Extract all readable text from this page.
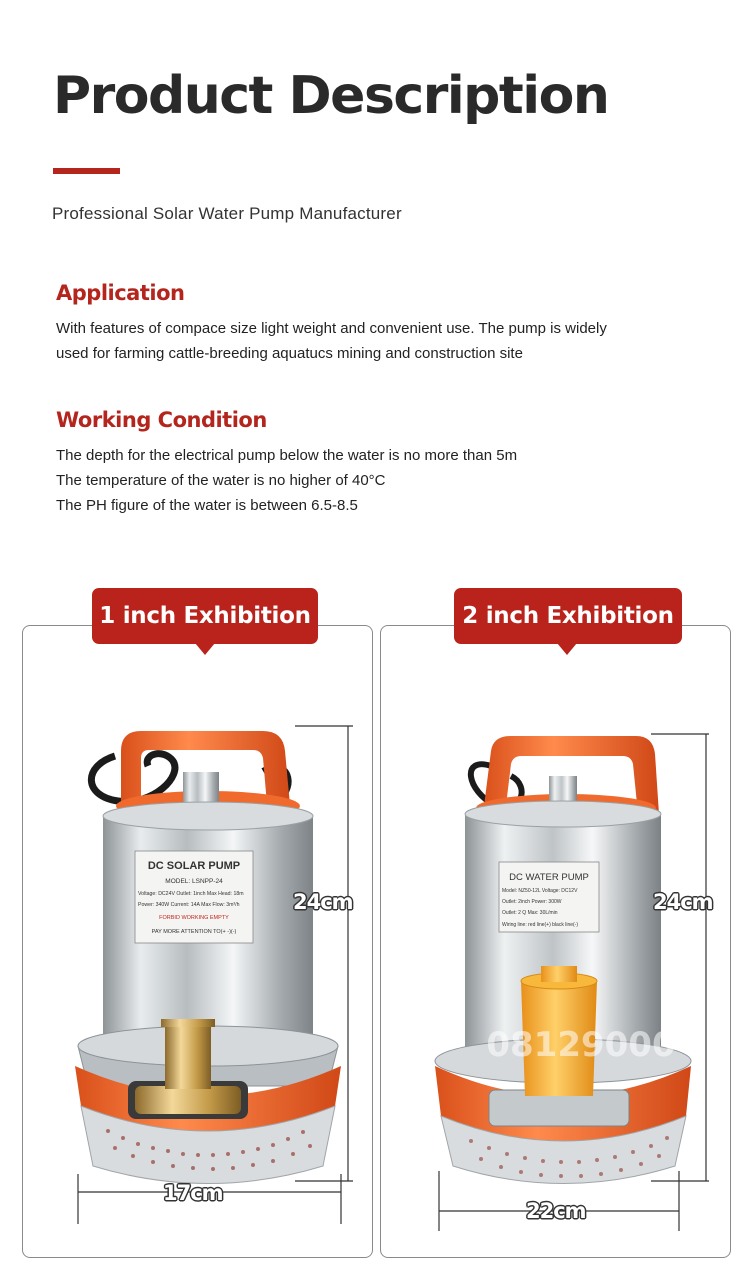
Product Description
Professional Solar Water Pump Manufacturer
Application
With features of compace size light weight and convenient use. The pump is widely
used for farming cattle-breeding aquatucs mining and construction site
Working Condition
The depth for the electrical pump below the water is no more than 5m
The temperature of the water is no higher of 40°C
The PH figure of the water is between 6.5-8.5
DC SOLAR PUMP
MODEL: LSNPP-24
Voltage: DC24V Outlet: 1inch Max Head: 18m
Power: 340W Current: 14A Max Flow: 3m³/h
FORBID WORKING EMPTY
PAY MORE ATTENTION TO(+ -)(-)
24cm
17cm
1 inch Exhibition
DC WATER PUMP
Model: NZ50-12L Voltage: DC12V
Outlet: 2inch Power: 300W
Outlet: 2 Q Max: 30L/min
Wiring line: red line(+) black line(-)
08129000
24cm
22cm
2 inch Exhibition
